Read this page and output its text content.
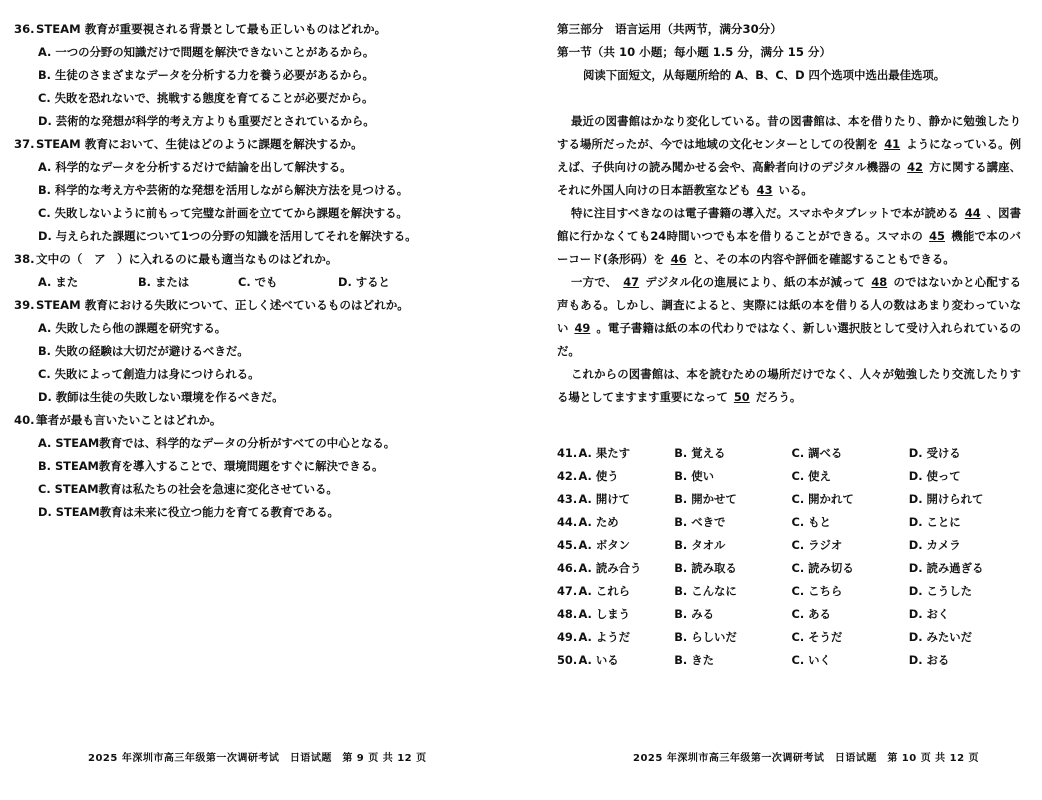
36.STEAM 教育が重要視される背景として最も正しいものはどれか。
A. 一つの分野の知識だけで問題を解決できないことがあるから。
B. 生徒のさまざまなデータを分析する力を養う必要があるから。
C. 失敗を恐れないで、挑戦する態度を育てることが必要だから。
D. 芸術的な発想が科学的考え方よりも重要だとされているから。
37.STEAM 教育において、生徒はどのように課題を解決するか。
A. 科学的なデータを分析するだけで結論を出して解決する。
B. 科学的な考え方や芸術的な発想を活用しながら解決方法を見つける。
C. 失敗しないように前もって完璧な計画を立ててから課題を解決する。
D. 与えられた課題について1つの分野の知識を活用してそれを解決する。
38.文中の（　ア　）に入れるのに最も適当なものはどれか。
A. また	B. または	C. でも	D. すると
39.STEAM 教育における失敗について、正しく述べているものはどれか。
A. 失敗したら他の課題を研究する。
B. 失敗の経験は大切だが避けるべきだ。
C. 失敗によって創造力は身につけられる。
D. 教師は生徒の失敗しない環境を作るべきだ。
40.筆者が最も言いたいことはどれか。
A. STEAM教育では、科学的なデータの分析がすべての中心となる。
B. STEAM教育を導入することで、環境問題をすぐに解決できる。
C. STEAM教育は私たちの社会を急速に変化させている。
D. STEAM教育は未来に役立つ能力を育てる教育である。
2025 年深圳市高三年级第一次调研考试　日语试题　第 9 页 共 12 页
第三部分　语言运用（共两节，满分30分）
第一节（共 10 小题；每小题 1.5 分，满分 15 分）
阅读下面短文，从每题所给的 A、B、C、D 四个选项中选出最佳选项。

最近の図書館はかなり変化している。昔の図書館は、本を借りたり、静かに勉強したりする場所だったが、今では地域の文化センターとしての役割を 41 ようになっている。例えば、子供向けの読み聞かせる会や、高齢者向けのデジタル機器の 42 方に関する講座、それに外国人向けの日本語教室なども 43 いる。

特に注目すべきなのは電子書籍の導入だ。スマホやタブレットで本が読める 44 、図書館に行かなくても24時間いつでも本を借りることができる。スマホの 45 機能で本のバーコード(条形码）を 46 と、その本の内容や評価を確認することもできる。

一方で、 47 デジタル化の進展により、紙の本が減って 48 のではないかと心配する声もある。しかし、調査によると、実際には紙の本を借りる人の数はあまり変わっていない 49 。電子書籍は紙の本の代わりではなく、新しい選択肢として受け入れられているのだ。

これからの図書館は、本を読むための場所だけでなく、人々が勉強したり交流したりする場としてますます重要になって 50 だろう。

41. A. 果たす	B. 覚える	C. 調べる	D. 受ける
42. A. 使う	B. 使い	C. 使え	D. 使って
43. A. 開けて	B. 開かせて	C. 開かれて	D. 開けられて
44. A. ため	B. べきで	C. もと	D. ことに
45. A. ボタン	B. タオル	C. ラジオ	D. カメラ
46. A. 読み合う	B. 読み取る	C. 読み切る	D. 読み過ぎる
47. A. これら	B. こんなに	C. こちら	D. こうした
48. A. しまう	B. みる	C. ある	D. おく
49. A. ようだ	B. らしいだ	C. そうだ	D. みたいだ
50. A. いる	B. きた	C. いく	D. おる
2025 年深圳市高三年级第一次调研考试　日语试题　第 10 页 共 12 页
